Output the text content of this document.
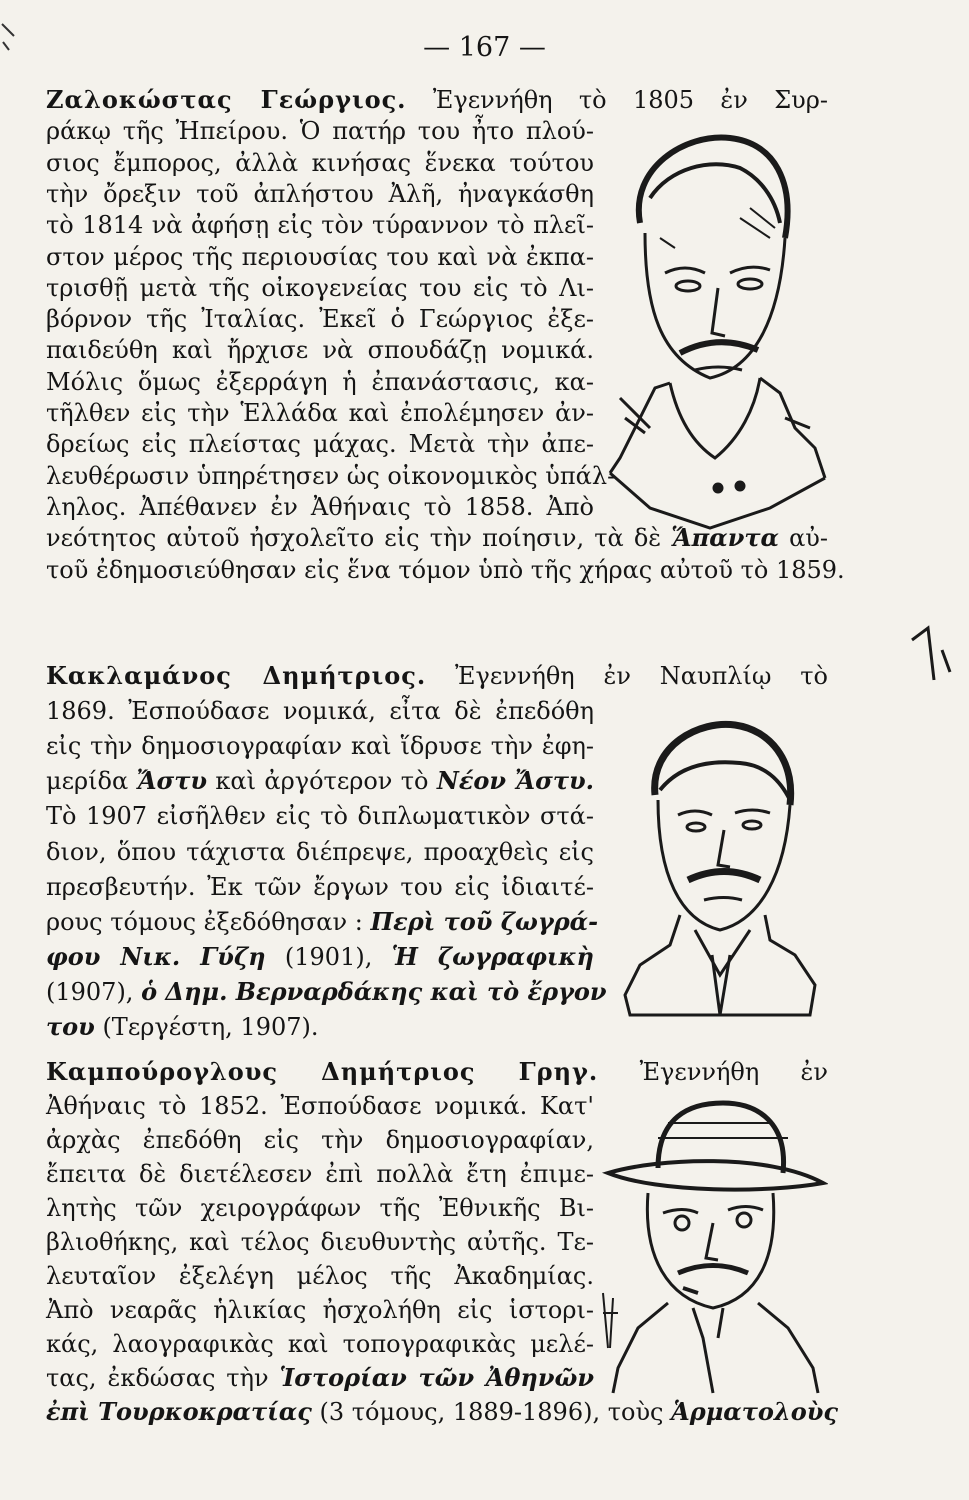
— 167 —
Ζαλοκώστας Γεώργιος. Ἐγεννήθη τὸ 1805 ἐν Συρ-
ράκῳ τῆς Ἠπείρου. Ὁ πατήρ του ἦτο πλού-
σιος ἔμπορος, ἀλλὰ κινήσας ἕνεκα τούτου
τὴν ὄρεξιν τοῦ ἀπλήστου Ἀλῆ, ἠναγκάσθη
τὸ 1814 νὰ ἀφήσῃ εἰς τὸν τύραννον τὸ πλεῖ-
στον μέρος τῆς περιουσίας του καὶ νὰ ἐκπα-
τρισθῇ μετὰ τῆς οἰκογενείας του εἰς τὸ Λι-
βόρνον τῆς Ἰταλίας. Ἐκεῖ ὁ Γεώργιος ἐξε-
παιδεύθη καὶ ἤρχισε νὰ σπουδάζῃ νομικά.
Μόλις ὅμως ἐξερράγη ἡ ἐπανάστασις, κα-
τῆλθεν εἰς τὴν Ἑλλάδα καὶ ἐπολέμησεν ἀν-
δρείως εἰς πλείστας μάχας. Μετὰ τὴν ἀπε-
λευθέρωσιν ὑπηρέτησεν ὡς οἰκονομικὸς ὑπάλ-
ληλος. Ἀπέθανεν ἐν Ἀθήναις τὸ 1858. Ἀπὸ
νεότητος αὐτοῦ ἠσχολεῖτο εἰς τὴν ποίησιν, τὰ δὲ Ἅπαντα αὐ-
τοῦ ἐδημοσιεύθησαν εἰς ἕνα τόμον ὑπὸ τῆς χήρας αὐτοῦ τὸ 1859.
Κακλαμάνος Δημήτριος. Ἐγεννήθη ἐν Ναυπλίῳ τὸ
1869. Ἐσπούδασε νομικά, εἶτα δὲ ἐπεδόθη
εἰς τὴν δημοσιογραφίαν καὶ ἵδρυσε τὴν ἐφη-
μερίδα Ἄστυ καὶ ἀργότερον τὸ Νέον Ἄστυ.
Τὸ 1907 εἰσῆλθεν εἰς τὸ διπλωματικὸν στά-
διον, ὅπου τάχιστα διέπρεψε, προαχθεὶς εἰς
πρεσβευτήν. Ἐκ τῶν ἔργων του εἰς ἰδιαιτέ-
ρους τόμους ἐξεδόθησαν : Περὶ τοῦ ζωγρά-
φου Νικ. Γύζη (1901), Ἡ ζωγραφικὴ
(1907), ὁ Δημ. Βερναρδάκης καὶ τὸ ἔργον
του (Τεργέστη, 1907).
Καμπούρογλους Δημήτριος Γρηγ. Ἐγεννήθη ἐν
Ἀθήναις τὸ 1852. Ἐσπούδασε νομικά. Κατ'
ἀρχὰς ἐπεδόθη εἰς τὴν δημοσιογραφίαν,
ἔπειτα δὲ διετέλεσεν ἐπὶ πολλὰ ἔτη ἐπιμε-
λητὴς τῶν χειρογράφων τῆς Ἐθνικῆς Βι-
βλιοθήκης, καὶ τέλος διευθυντὴς αὐτῆς. Τε-
λευταῖον ἐξελέγη μέλος τῆς Ἀκαδημίας.
Ἀπὸ νεαρᾶς ἡλικίας ἠσχολήθη εἰς ἱστορι-
κάς, λαογραφικὰς καὶ τοπογραφικὰς μελέ-
τας, ἐκδώσας τὴν Ἱστορίαν τῶν Ἀθηνῶν
ἐπὶ Τουρκοκρατίας (3 τόμους, 1889-1896), τοὺς Ἁρματολοὺς
